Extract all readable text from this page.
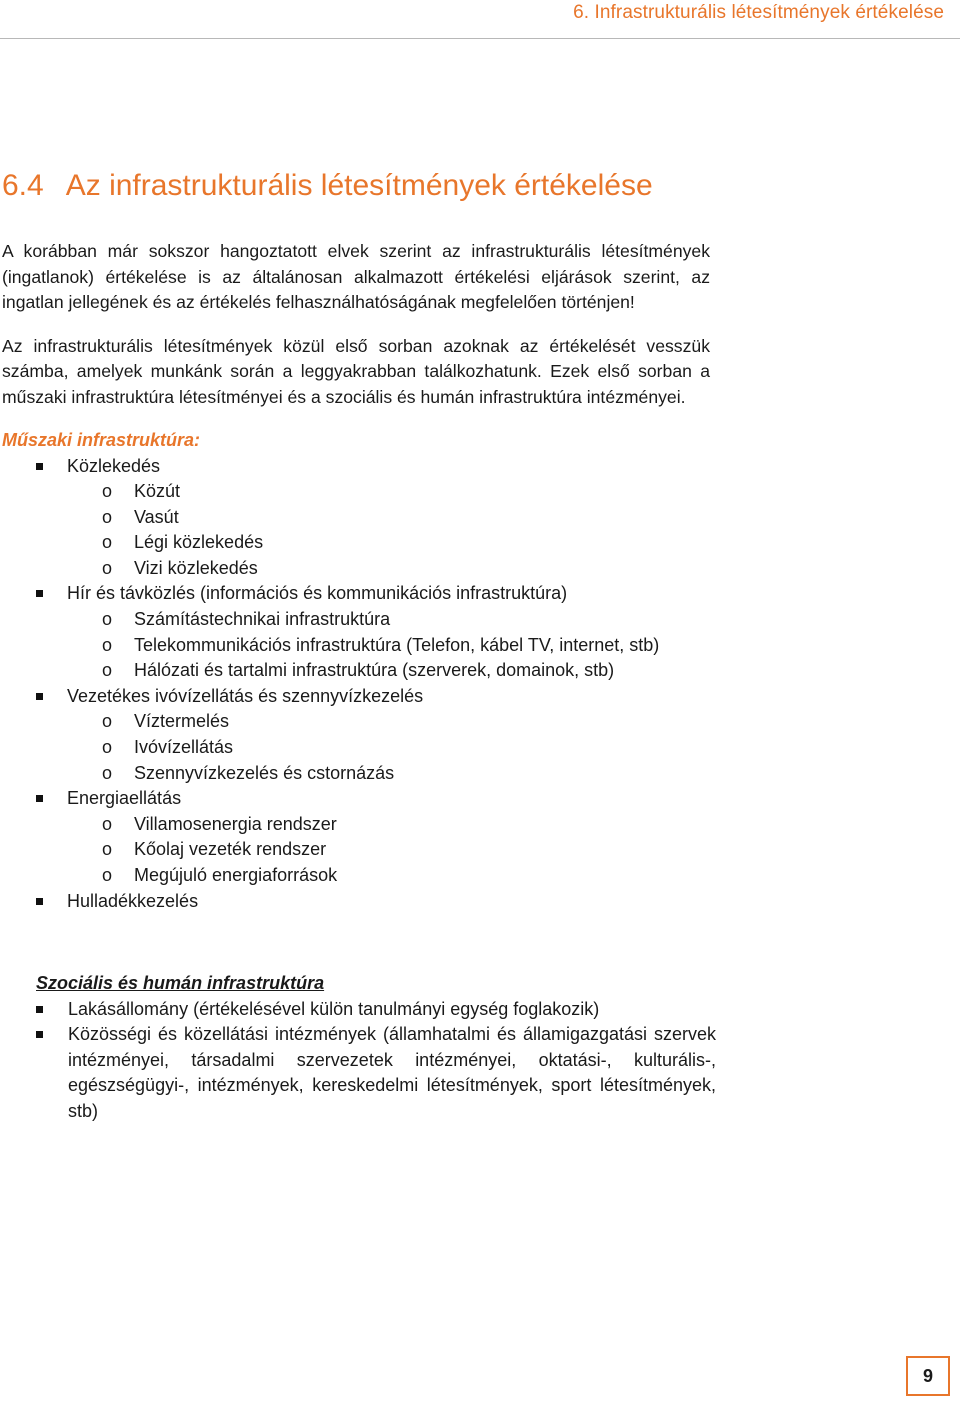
6. Infrastrukturális létesítmények értékelése
6.4 Az infrastrukturális létesítmények értékelése

A korábban már sokszor hangoztatott elvek szerint az infrastrukturális létesítmények (ingatlanok) értékelése is az általánosan alkalmazott értékelési eljárások szerint, az ingatlan jellegének és az értékelés felhasználhatóságának megfelelően történjen!

Az infrastrukturális létesítmények közül első sorban azoknak az értékelését vesszük számba, amelyek munkánk során a leggyakrabban találkozhatunk. Ezek első sorban a műszaki infrastruktúra létesítményei és a szociális és humán infrastruktúra intézményei.

Műszaki infrastruktúra:
Közlekedés
o Közút
o Vasút
o Légi közlekedés
o Vizi közlekedés
Hír és távközlés (információs és kommunikációs infrastruktúra)
o Számítástechnikai infrastruktúra
o Telekommunikációs infrastruktúra (Telefon, kábel TV, internet, stb)
o Hálózati és tartalmi infrastruktúra (szerverek, domainok, stb)
Vezetékes ivóvízellátás és szennyvízkezelés
o Víztermelés
o Ivóvízellátás
o Szennyvízkezelés és cstornázás
Energiaellátás
o Villamosenergia rendszer
o Kőolaj vezeték rendszer
o Megújuló energiaforrások
Hulladékkezelés
Szociális és humán infrastruktúra
Lakásállomány (értékelésével külön tanulmányi egység foglakozik)
Közösségi és közellátási intézmények (államhatalmi és államigazgatási szervek intézményei, társadalmi szervezetek intézményei, oktatási-, kulturális-, egészségügyi-, intézmények, kereskedelmi létesítmények, sport létesítmények, stb)
9
